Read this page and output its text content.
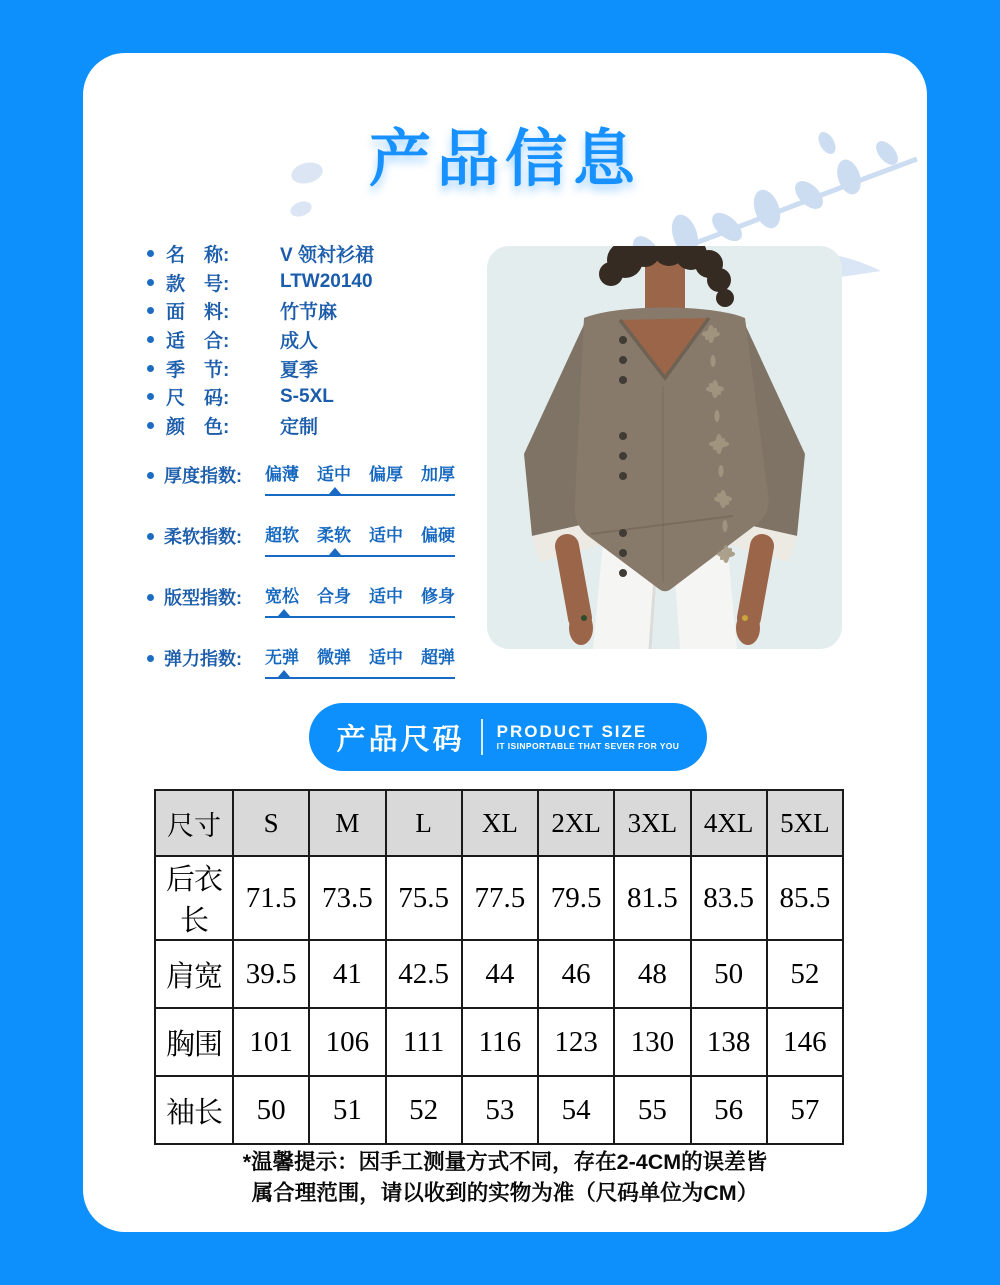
产品信息
名　称:	V 领衬衫裙
款　号:	LTW20140
面　料:	竹节麻
适　合:	成人
季　节:	夏季
尺　码:	S-5XL
颜　色:	定制
厚度指数: 偏薄 适中 偏厚 加厚
柔软指数: 超软 柔软 适中 偏硬
版型指数: 宽松 合身 适中 修身
弹力指数: 无弹 微弹 适中 超弹
产品尺码 PRODUCT SIZE
IT ISINPORTABLE THAT SEVER FOR YOU
尺寸	S	M	L	XL	2XL	3XL	4XL	5XL
后衣长	71.5	73.5	75.5	77.5	79.5	81.5	83.5	85.5
肩宽	39.5	41	42.5	44	46	48	50	52
胸围	101	106	111	116	123	130	138	146
袖长	50	51	52	53	54	55	56	57
*温馨提示：因手工测量方式不同，存在2-4CM的误差皆
属合理范围，请以收到的实物为准（尺码单位为CM）
